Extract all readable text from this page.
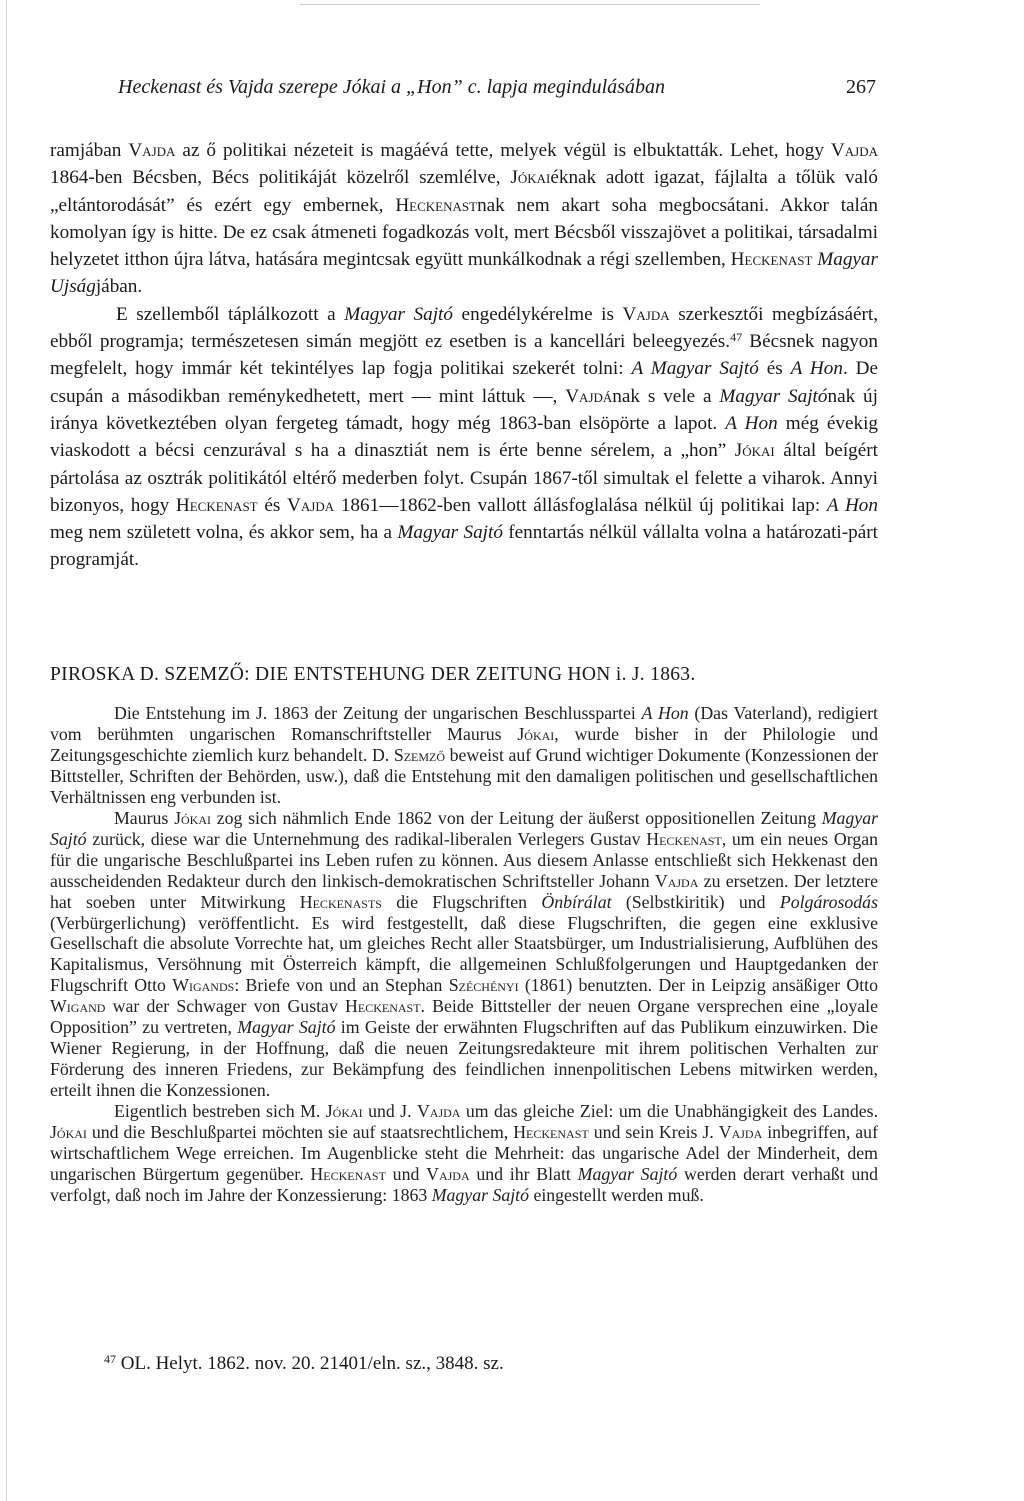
Heckenast és Vajda szerepe Jókai a „Hon” c. lapja megindulásában	267

ramjában Vajda az ő politikai nézeteit is magáévá tette, melyek végül is elbuktatták. Lehet, hogy Vajda 1864-ben Bécsben, Bécs politikáját közelről szemlélve, Jókaiéknak adott igazat, fájlalta a tőlük való „eltántorodását” és ezért egy embernek, Heckenastnak nem akart soha megbocsátani. Akkor talán komolyan így is hitte. De ez csak átmeneti fogadkozás volt, mert Bécsből visszajövet a politikai, társadalmi helyzetet itthon újra látva, hatására megintcsak együtt munkálkodnak a régi szellemben, Heckenast Magyar Ujságjában.

E szellemből táplálkozott a Magyar Sajtó engedélykérelme is Vajda szerkesztői megbízásáért, ebből programja; természetesen simán megjött ez esetben is a kancellári beleegyezés.$^{47}$ Bécsnek nagyon megfelelt, hogy immár két tekintélyes lap fogja politikai szekerét tolni: A Magyar Sajtó és A Hon. De csupán a másodikban reménykedhetett, mert — mint láttuk —, Vajdának s vele a Magyar Sajtónak új iránya következtében olyan fergeteg támadt, hogy még 1863-ban elsöpörte a lapot. A Hon még évekig viaskodott a bécsi cenzurával s ha a dinasztiát nem is érte benne sérelem, a „hon” Jókai által beígért pártolása az osztrák politikától eltérő mederben folyt. Csupán 1867-től simultak el felette a viharok. Annyi bizonyos, hogy Heckenast és Vajda 1861—1862-ben vallott állásfoglalása nélkül új politikai lap: A Hon meg nem született volna, és akkor sem, ha a Magyar Sajtó fenntartás nélkül vállalta volna a határozati-párt programját.

PIROSKA D. SZEMZŐ: DIE ENTSTEHUNG DER ZEITUNG HON i. J. 1863.

Die Entstehung im J. 1863 der Zeitung der ungarischen Beschlusspartei A Hon (Das Vaterland), redigiert vom berühmten ungarischen Romanschriftsteller Maurus Jókai, wurde bisher in der Philologie und Zeitungsgeschichte ziemlich kurz behandelt. D. Szemző beweist auf Grund wichtiger Dokumente (Konzessionen der Bittsteller, Schriften der Behörden, usw.), daß die Entstehung mit den damaligen politischen und gesellschaftlichen Verhältnissen eng verbunden ist.

Maurus Jókai zog sich nähmlich Ende 1862 von der Leitung der äußerst oppositionellen Zeitung Magyar Sajtó zurück, diese war die Unternehmung des radikal-liberalen Verlegers Gustav Heckenast, um ein neues Organ für die ungarische Beschlußpartei ins Leben rufen zu können. Aus diesem Anlasse entschließt sich Hekkenast den ausscheidenden Redakteur durch den linkisch-demokratischen Schriftsteller Johann Vajda zu ersetzen. Der letztere hat soeben unter Mitwirkung Heckenasts die Flugschriften Önbírálat (Selbstkiritik) und Polgárosodás (Verbürgerlichung) veröffentlicht. Es wird festgestellt, daß diese Flugschriften, die gegen eine exklusive Gesellschaft die absolute Vorrechte hat, um gleiches Recht aller Staatsbürger, um Industrialisierung, Aufblühen des Kapitalismus, Versöhnung mit Österreich kämpft, die allgemeinen Schlußfolgerungen und Hauptgedanken der Flugschrift Otto Wigands: Briefe von und an Stephan Széchényi (1861) benutzten. Der in Leipzig ansäßiger Otto Wigand war der Schwager von Gustav Heckenast. Beide Bittsteller der neuen Organe versprechen eine „loyale Opposition” zu vertreten, Magyar Sajtó im Geiste der erwähnten Flugschriften auf das Publikum einzuwirken. Die Wiener Regierung, in der Hoffnung, daß die neuen Zeitungsredakteure mit ihrem politischen Verhalten zur Förderung des inneren Friedens, zur Bekämpfung des feindlichen innenpolitischen Lebens mitwirken werden, erteilt ihnen die Konzessionen.

Eigentlich bestreben sich M. Jókai und J. Vajda um das gleiche Ziel: um die Unabhängigkeit des Landes. Jókai und die Beschlußpartei möchten sie auf staatsrechtlichem, Heckenast und sein Kreis J. Vajda inbegriffen, auf wirtschaftlichem Wege erreichen. Im Augenblicke steht die Mehrheit: das ungarische Adel der Minderheit, dem ungarischen Bürgertum gegenüber. Heckenast und Vajda und ihr Blatt Magyar Sajtó werden derart verhaßt und verfolgt, daß noch im Jahre der Konzessierung: 1863 Magyar Sajtó eingestellt werden muß.

$^{47}$ OL. Helyt. 1862. nov. 20. 21401/eln. sz., 3848. sz.
